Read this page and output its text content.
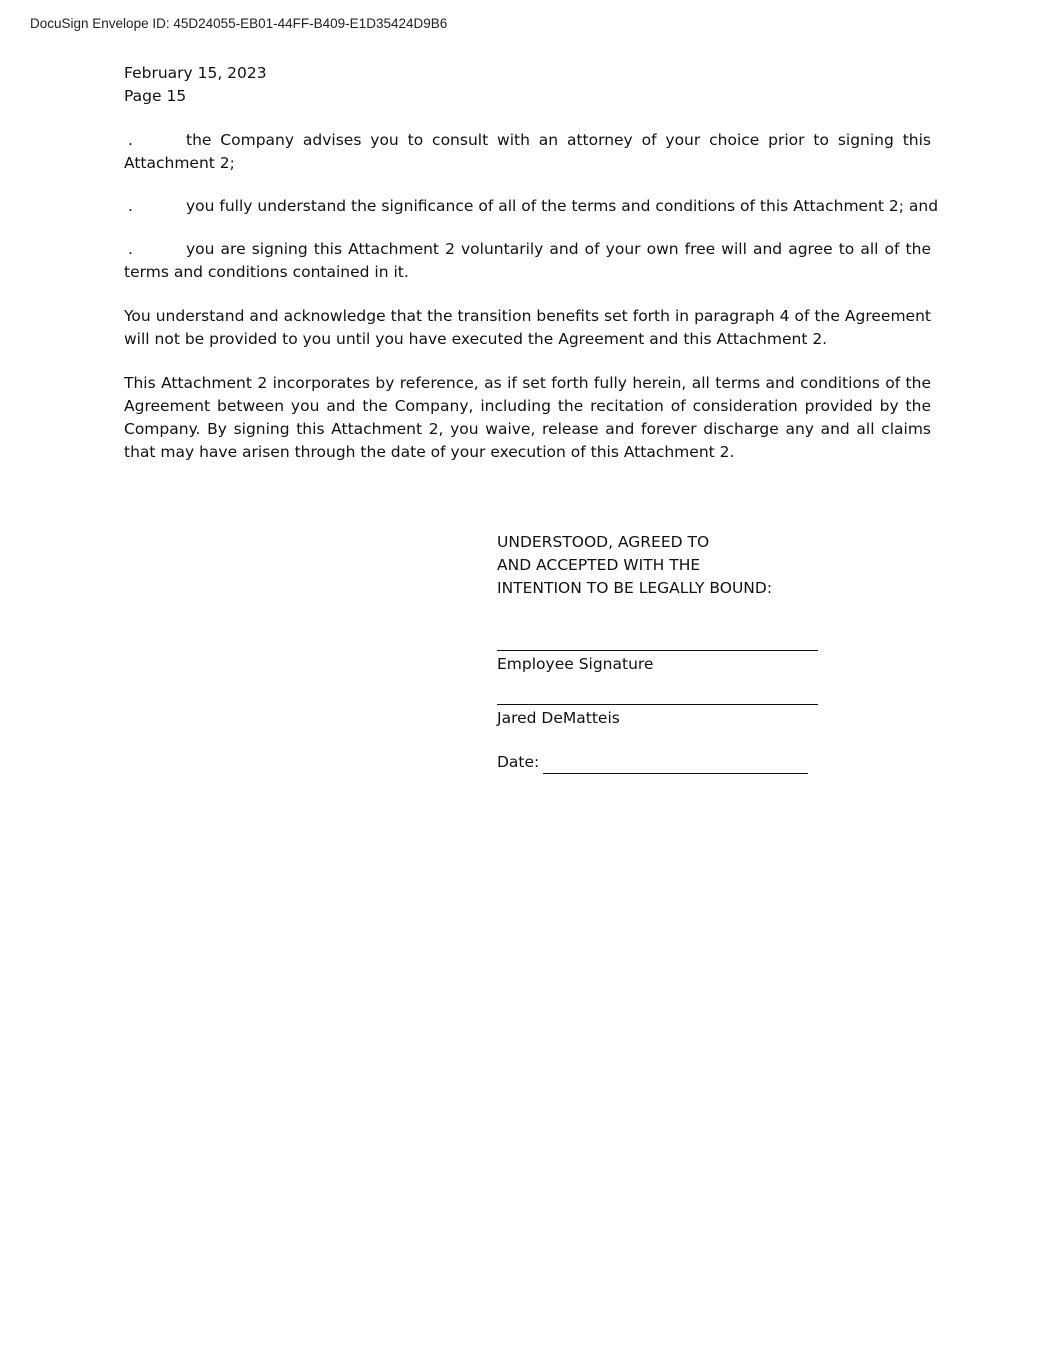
DocuSign Envelope ID: 45D24055-EB01-44FF-B409-E1D35424D9B6
February 15, 2023
Page 15

.	the Company advises you to consult with an attorney of your choice prior to signing this Attachment 2;

.	you fully understand the significance of all of the terms and conditions of this Attachment 2; and

.	you are signing this Attachment 2 voluntarily and of your own free will and agree to all of the terms and conditions contained in it.

You understand and acknowledge that the transition benefits set forth in paragraph 4 of the Agreement will not be provided to you until you have executed the Agreement and this Attachment 2.

This Attachment 2 incorporates by reference, as if set forth fully herein, all terms and conditions of the Agreement between you and the Company, including the recitation of consideration provided by the Company. By signing this Attachment 2, you waive, release and forever discharge any and all claims that may have arisen through the date of your execution of this Attachment 2.

UNDERSTOOD, AGREED TO
AND ACCEPTED WITH THE
INTENTION TO BE LEGALLY BOUND:
Employee Signature
Jared DeMatteis
Date:
